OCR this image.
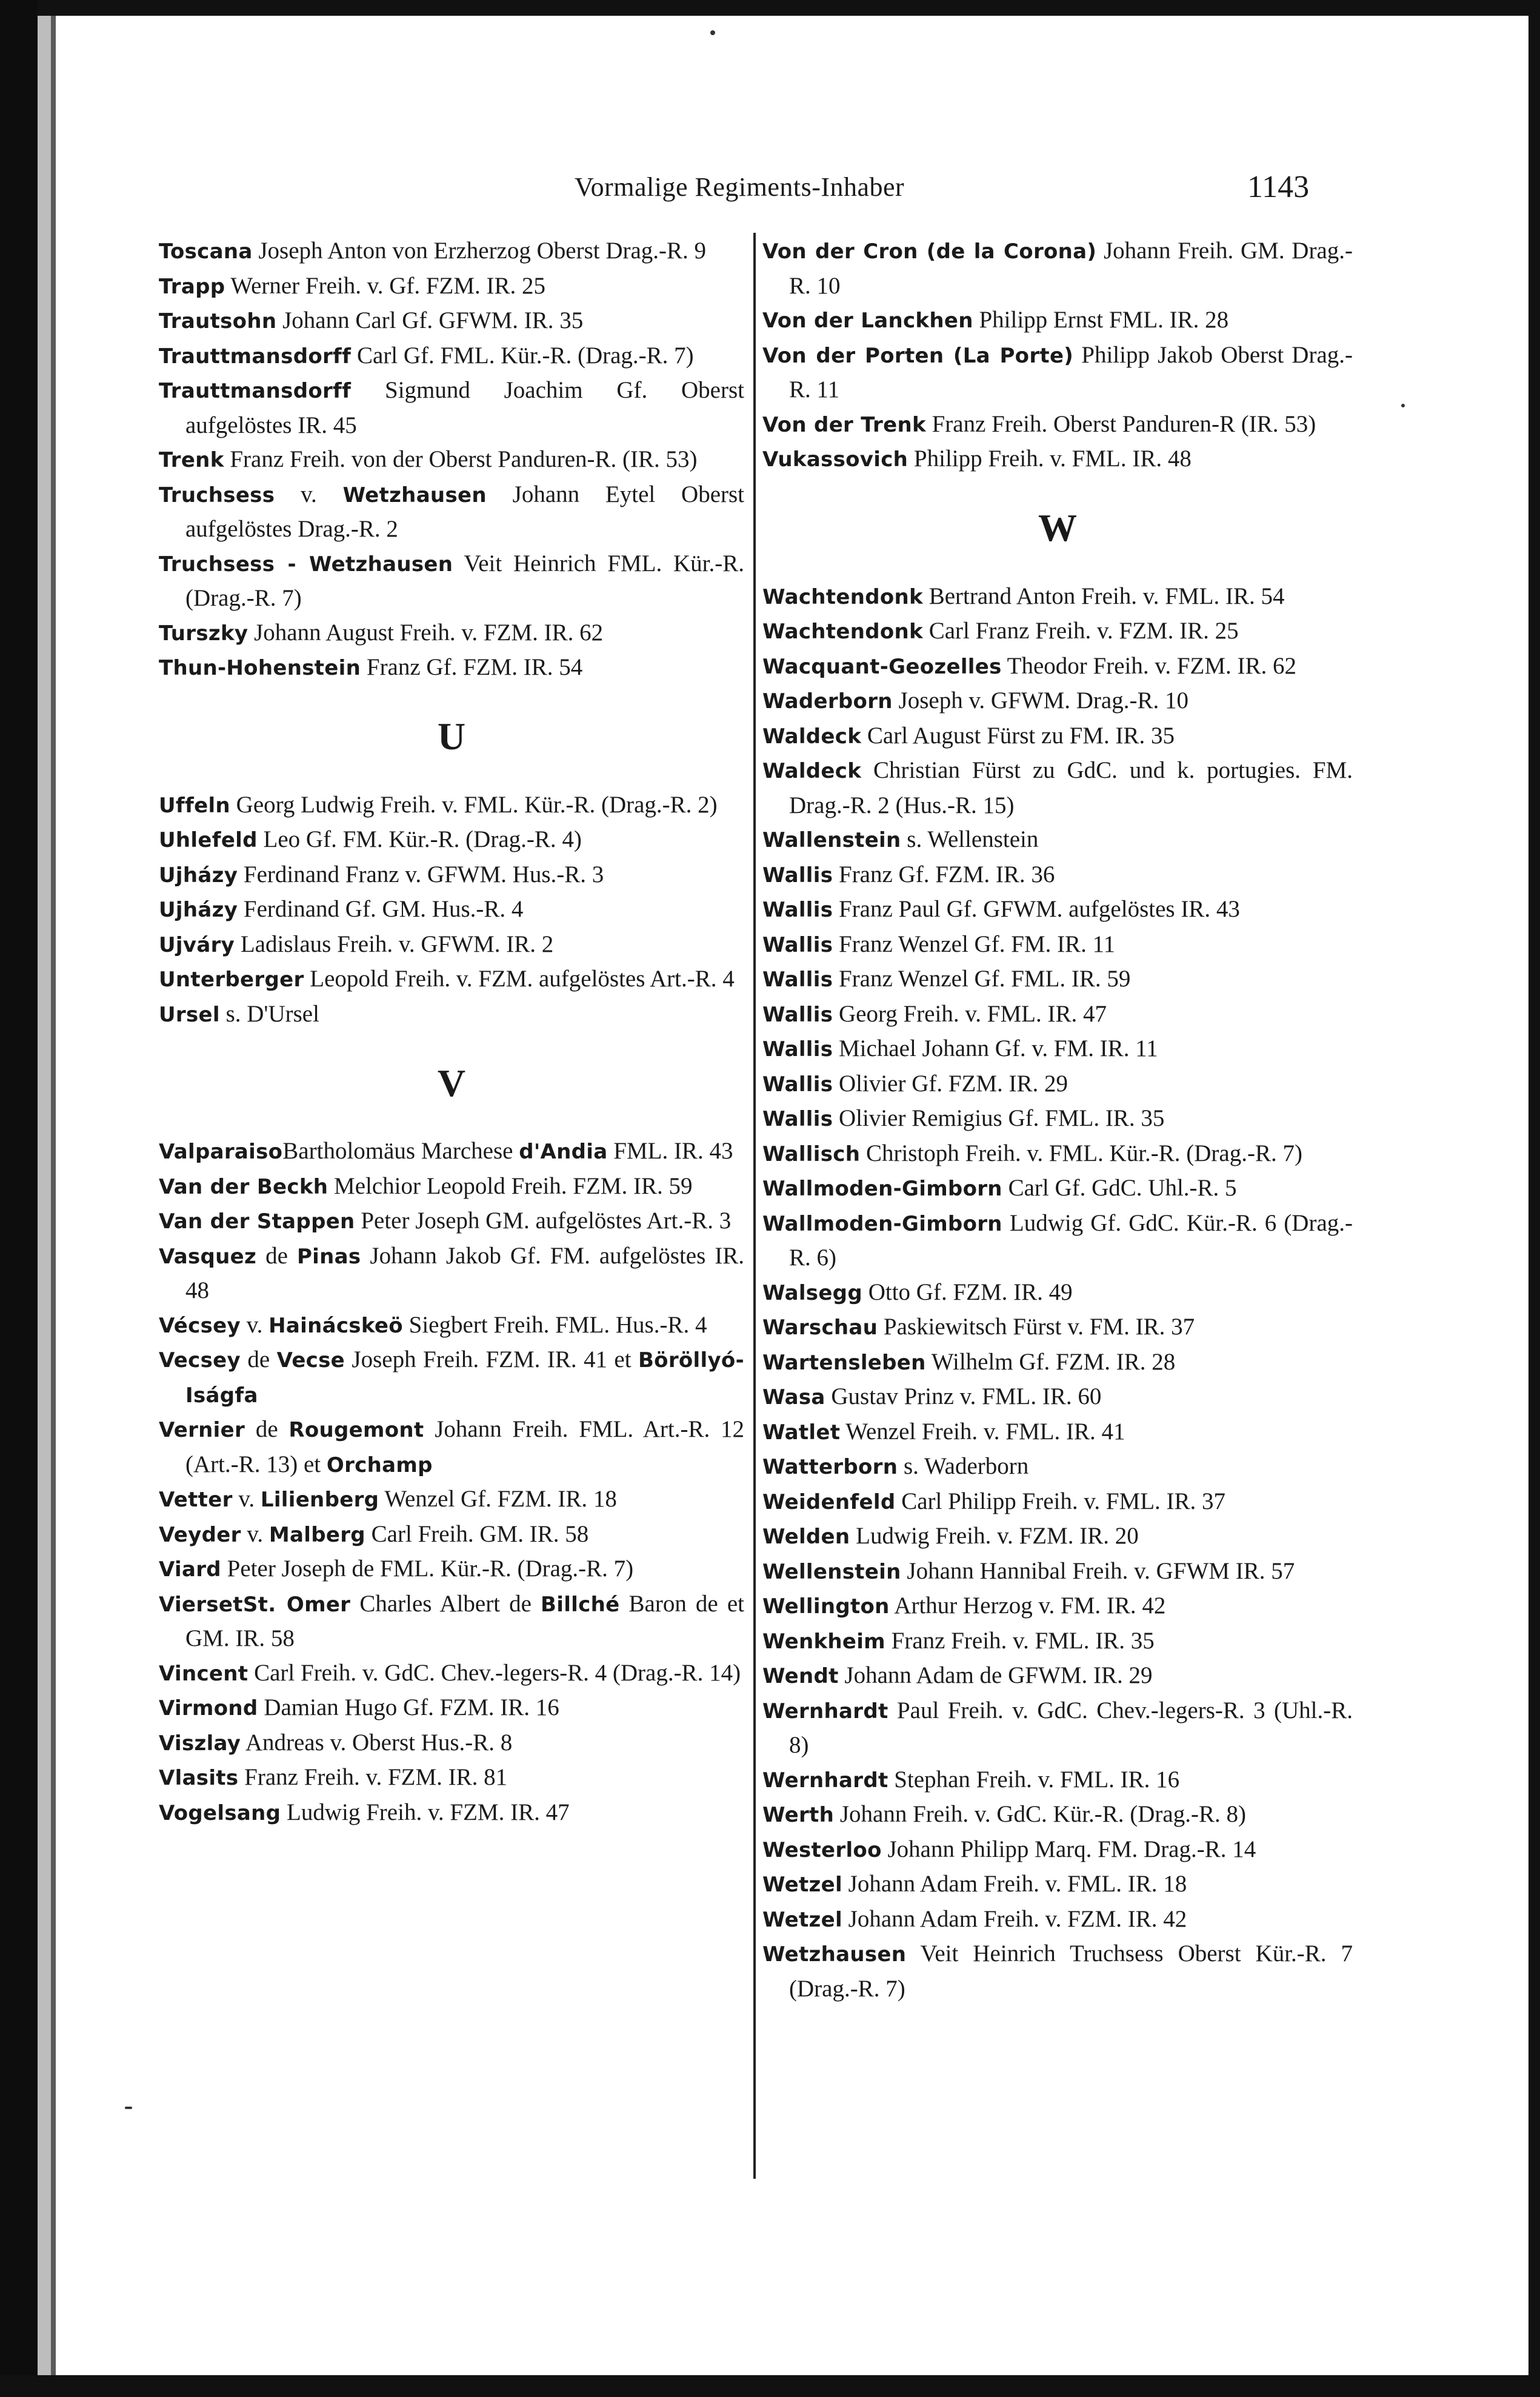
Vormalige Regiments-Inhaber	1143
Toscana Joseph Anton von Erzherzog Oberst Drag.-R. 9
Trapp Werner Freih. v. Gf. FZM. IR. 25
Trautsohn Johann Carl Gf. GFWM. IR. 35
Trauttmansdorff Carl Gf. FML. Kür.-R. (Drag.-R. 7)
Trauttmansdorff Sigmund Joachim Gf. Oberst aufgelöstes IR. 45
Trenk Franz Freih. von der Oberst Panduren-R. (IR. 53)
Truchsess v. Wetzhausen Johann Eytel Oberst aufgelöstes Drag.-R. 2
Truchsess - Wetzhausen Veit Heinrich FML. Kür.-R. (Drag.-R. 7)
Turszky Johann August Freih. v. FZM. IR. 62
Thun-Hohenstein Franz Gf. FZM. IR. 54
U
Uffeln Georg Ludwig Freih. v. FML. Kür.-R. (Drag.-R. 2)
Uhlefeld Leo Gf. FM. Kür.-R. (Drag.-R. 4)
Ujházy Ferdinand Franz v. GFWM. Hus.-R. 3
Ujházy Ferdinand Gf. GM. Hus.-R. 4
Ujváry Ladislaus Freih. v. GFWM. IR. 2
Unterberger Leopold Freih. v. FZM. aufgelöstes Art.-R. 4
Ursel s. D'Ursel
V
ValparaisoBartholomäus Marchese d'Andia FML. IR. 43
Van der Beckh Melchior Leopold Freih. FZM. IR. 59
Van der Stappen Peter Joseph GM. aufgelöstes Art.-R. 3
Vasquez de Pinas Johann Jakob Gf. FM. aufgelöstes IR. 48
Vécsey v. Hainácskeö Siegbert Freih. FML. Hus.-R. 4
Vecsey de Vecse Joseph Freih. FZM. IR. 41 et Böröllyó-Iságfa
Vernier de Rougemont Johann Freih. FML. Art.-R. 12 (Art.-R. 13) et Orchamp
Vetter v. Lilienberg Wenzel Gf. FZM. IR. 18
Veyder v. Malberg Carl Freih. GM. IR. 58
Viard Peter Joseph de FML. Kür.-R. (Drag.-R. 7)
ViersetSt. Omer Charles Albert de Billché Baron de et GM. IR. 58
Vincent Carl Freih. v. GdC. Chev.-legers-R. 4 (Drag.-R. 14)
Virmond Damian Hugo Gf. FZM. IR. 16
Viszlay Andreas v. Oberst Hus.-R. 8
Vlasits Franz Freih. v. FZM. IR. 81
Vogelsang Ludwig Freih. v. FZM. IR. 47
Von der Cron (de la Corona) Johann Freih. GM. Drag.-R. 10
Von der Lanckhen Philipp Ernst FML. IR. 28
Von der Porten (La Porte) Philipp Jakob Oberst Drag.-R. 11
Von der Trenk Franz Freih. Oberst Panduren-R (IR. 53)
Vukassovich Philipp Freih. v. FML. IR. 48
W
Wachtendonk Bertrand Anton Freih. v. FML. IR. 54
Wachtendonk Carl Franz Freih. v. FZM. IR. 25
Wacquant-Geozelles Theodor Freih. v. FZM. IR. 62
Waderborn Joseph v. GFWM. Drag.-R. 10
Waldeck Carl August Fürst zu FM. IR. 35
Waldeck Christian Fürst zu GdC. und k. portugies. FM. Drag.-R. 2 (Hus.-R. 15)
Wallenstein s. Wellenstein
Wallis Franz Gf. FZM. IR. 36
Wallis Franz Paul Gf. GFWM. aufgelöstes IR. 43
Wallis Franz Wenzel Gf. FM. IR. 11
Wallis Franz Wenzel Gf. FML. IR. 59
Wallis Georg Freih. v. FML. IR. 47
Wallis Michael Johann Gf. v. FM. IR. 11
Wallis Olivier Gf. FZM. IR. 29
Wallis Olivier Remigius Gf. FML. IR. 35
Wallisch Christoph Freih. v. FML. Kür.-R. (Drag.-R. 7)
Wallmoden-Gimborn Carl Gf. GdC. Uhl.-R. 5
Wallmoden-Gimborn Ludwig Gf. GdC. Kür.-R. 6 (Drag.-R. 6)
Walsegg Otto Gf. FZM. IR. 49
Warschau Paskiewitsch Fürst v. FM. IR. 37
Wartensleben Wilhelm Gf. FZM. IR. 28
Wasa Gustav Prinz v. FML. IR. 60
Watlet Wenzel Freih. v. FML. IR. 41
Watterborn s. Waderborn
Weidenfeld Carl Philipp Freih. v. FML. IR. 37
Welden Ludwig Freih. v. FZM. IR. 20
Wellenstein Johann Hannibal Freih. v. GFWM IR. 57
Wellington Arthur Herzog v. FM. IR. 42
Wenkheim Franz Freih. v. FML. IR. 35
Wendt Johann Adam de GFWM. IR. 29
Wernhardt Paul Freih. v. GdC. Chev.-legers-R. 3 (Uhl.-R. 8)
Wernhardt Stephan Freih. v. FML. IR. 16
Werth Johann Freih. v. GdC. Kür.-R. (Drag.-R. 8)
Westerloo Johann Philipp Marq. FM. Drag.-R. 14
Wetzel Johann Adam Freih. v. FML. IR. 18
Wetzel Johann Adam Freih. v. FZM. IR. 42
Wetzhausen Veit Heinrich Truchsess Oberst Kür.-R. 7 (Drag.-R. 7)
